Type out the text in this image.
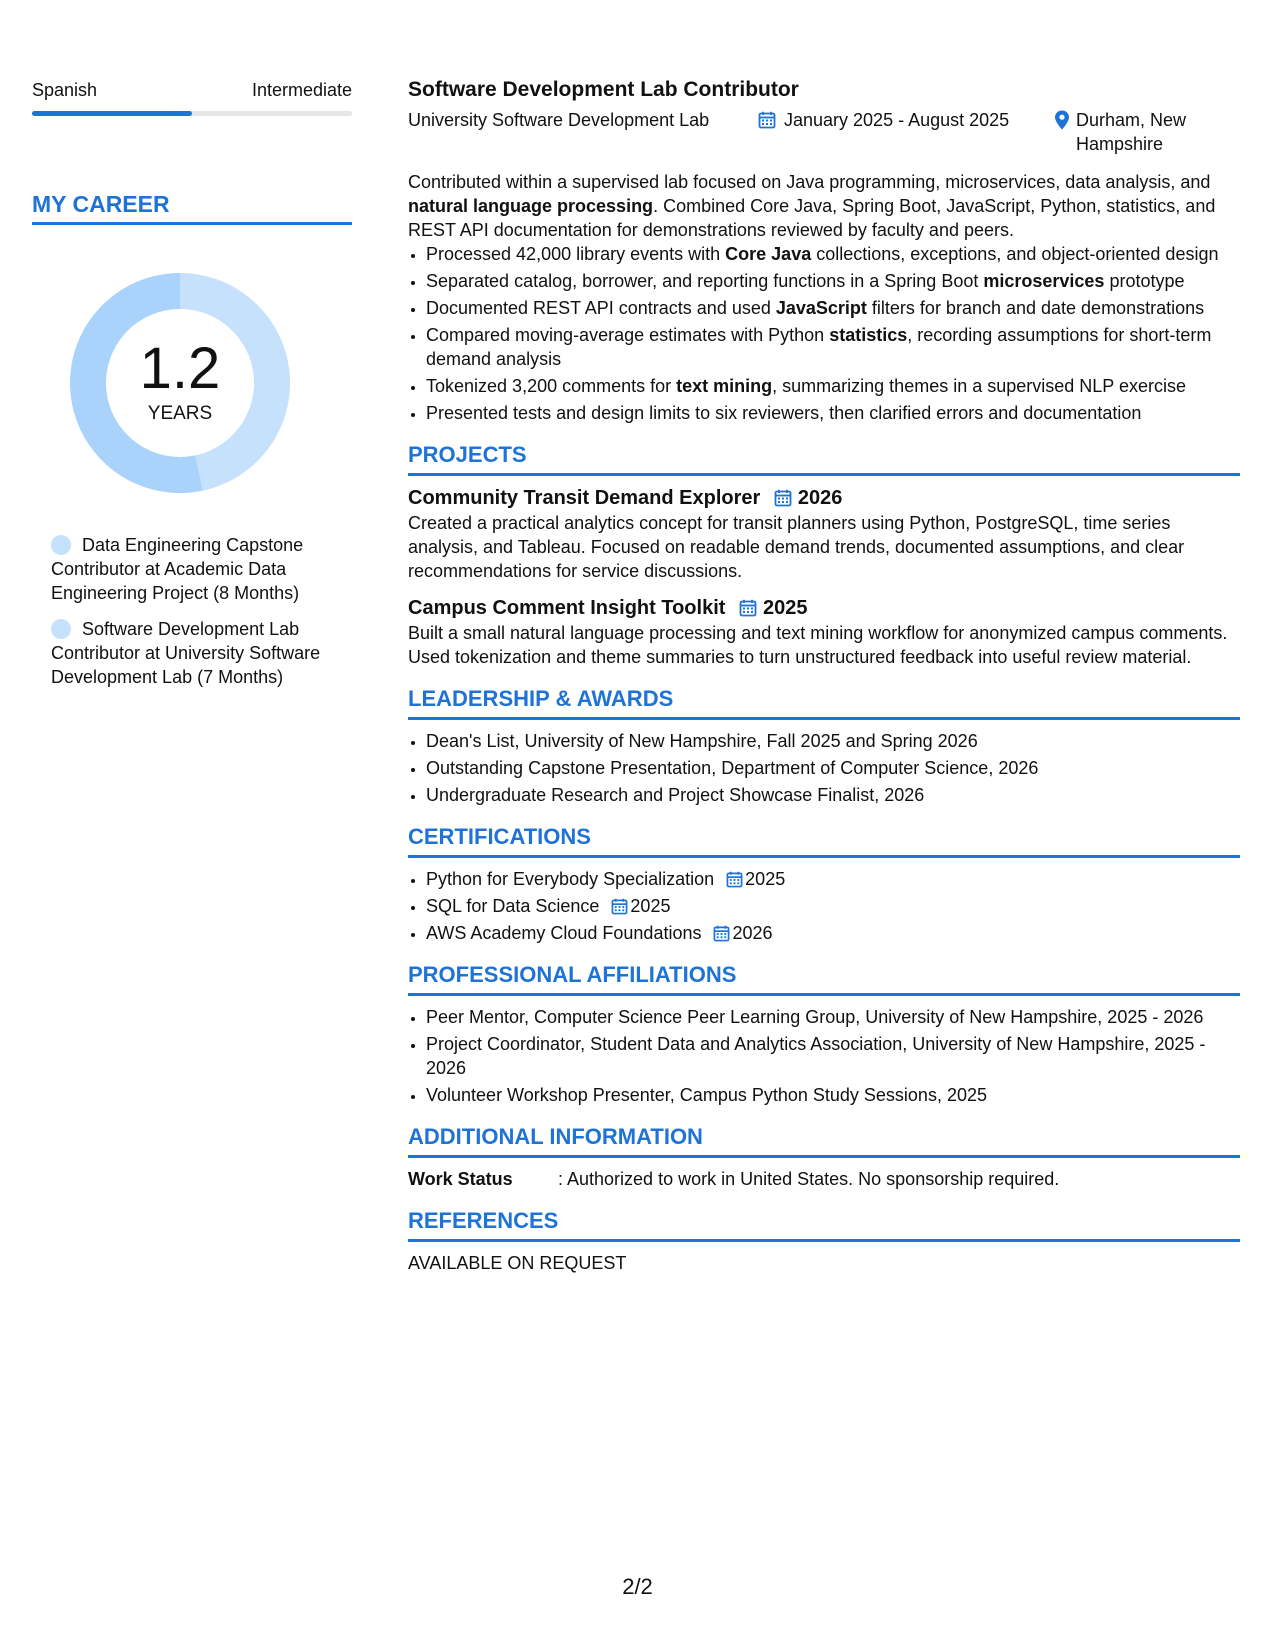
Spanish	Intermediate
MY CAREER
1.2
YEARS
Data Engineering Capstone Contributor at Academic Data Engineering Project (8 Months)
Software Development Lab Contributor at University Software Development Lab (7 Months)
Software Development Lab Contributor
University Software Development Lab	January 2025 - August 2025	Durham, New Hampshire
Contributed within a supervised lab focused on Java programming, microservices, data analysis, and natural language processing. Combined Core Java, Spring Boot, JavaScript, Python, statistics, and REST API documentation for demonstrations reviewed by faculty and peers.
• Processed 42,000 library events with Core Java collections, exceptions, and object-oriented design
• Separated catalog, borrower, and reporting functions in a Spring Boot microservices prototype
• Documented REST API contracts and used JavaScript filters for branch and date demonstrations
• Compared moving-average estimates with Python statistics, recording assumptions for short-term demand analysis
• Tokenized 3,200 comments for text mining, summarizing themes in a supervised NLP exercise
• Presented tests and design limits to six reviewers, then clarified errors and documentation
PROJECTS
Community Transit Demand Explorer 2026
Created a practical analytics concept for transit planners using Python, PostgreSQL, time series analysis, and Tableau. Focused on readable demand trends, documented assumptions, and clear recommendations for service discussions.
Campus Comment Insight Toolkit 2025
Built a small natural language processing and text mining workflow for anonymized campus comments. Used tokenization and theme summaries to turn unstructured feedback into useful review material.
LEADERSHIP & AWARDS
• Dean's List, University of New Hampshire, Fall 2025 and Spring 2026
• Outstanding Capstone Presentation, Department of Computer Science, 2026
• Undergraduate Research and Project Showcase Finalist, 2026
CERTIFICATIONS
• Python for Everybody Specialization 2025
• SQL for Data Science 2025
• AWS Academy Cloud Foundations 2026
PROFESSIONAL AFFILIATIONS
• Peer Mentor, Computer Science Peer Learning Group, University of New Hampshire, 2025 - 2026
• Project Coordinator, Student Data and Analytics Association, University of New Hampshire, 2025 - 2026
• Volunteer Workshop Presenter, Campus Python Study Sessions, 2025
ADDITIONAL INFORMATION
Work Status	: Authorized to work in United States. No sponsorship required.
REFERENCES
AVAILABLE ON REQUEST
2/2
